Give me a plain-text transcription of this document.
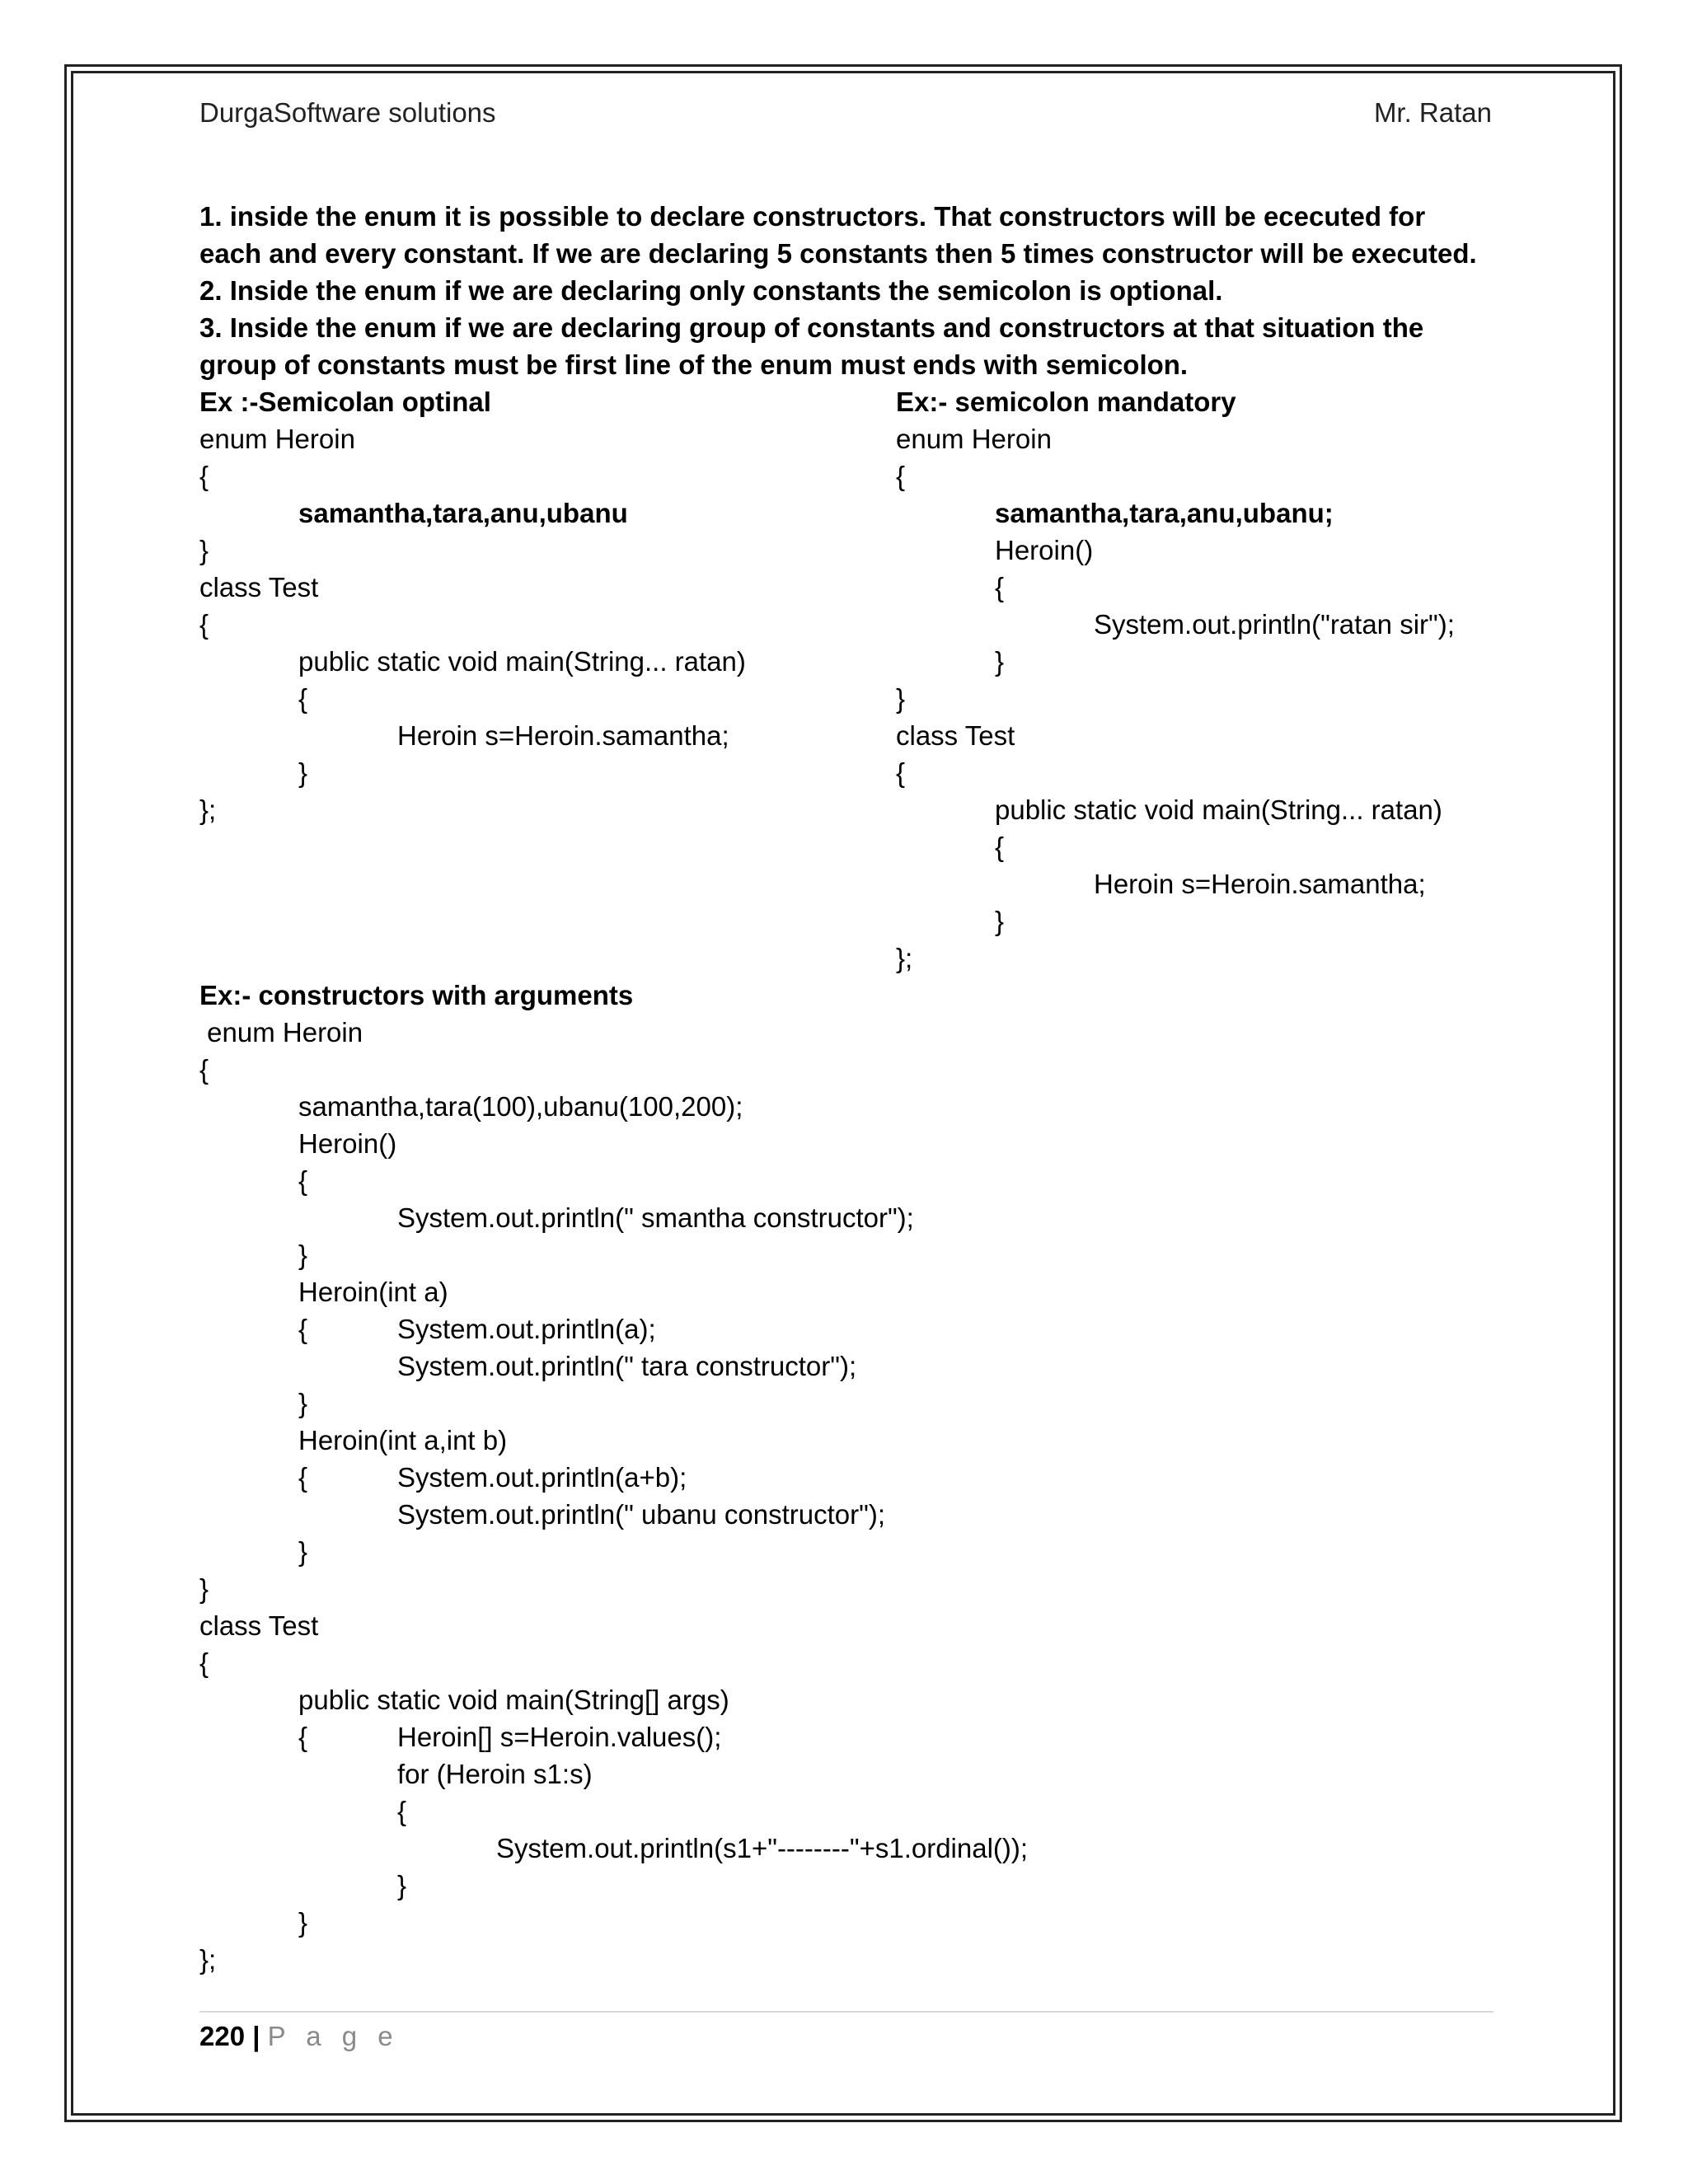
DurgaSoftware solutions	Mr. Ratan
1. inside the enum it is possible to declare constructors. That constructors will be ececuted for each and every constant. If we are declaring 5 constants then 5 times constructor will be executed.
2. Inside the enum if we are declaring only constants the semicolon is optional.
3. Inside the enum if we are declaring group of constants and constructors at that situation the group of constants must be first line of the enum must ends with semicolon.
Ex :-Semicolan optinal
enum Heroin
{
samantha,tara,anu,ubanu
}
class Test
{
public static void main(String... ratan)
{
Heroin s=Heroin.samantha;
}
};
Ex:- semicolon mandatory
enum Heroin
{
samantha,tara,anu,ubanu;
Heroin()
{
System.out.println("ratan sir");
}
}
class Test
{
public static void main(String... ratan)
{
Heroin s=Heroin.samantha;
}
};
Ex:- constructors with arguments
enum Heroin
{
samantha,tara(100),ubanu(100,200);
Heroin()
{
System.out.println(" smantha constructor");
}
Heroin(int a)
{	System.out.println(a);
System.out.println(" tara constructor");
}
Heroin(int a,int b)
{	System.out.println(a+b);
System.out.println(" ubanu constructor");
}
}
class Test
{
public static void main(String[] args)
{	Heroin[] s=Heroin.values();
for (Heroin s1:s)
{
System.out.println(s1+"--------"+s1.ordinal());
}
}
};
220 | P a g e
